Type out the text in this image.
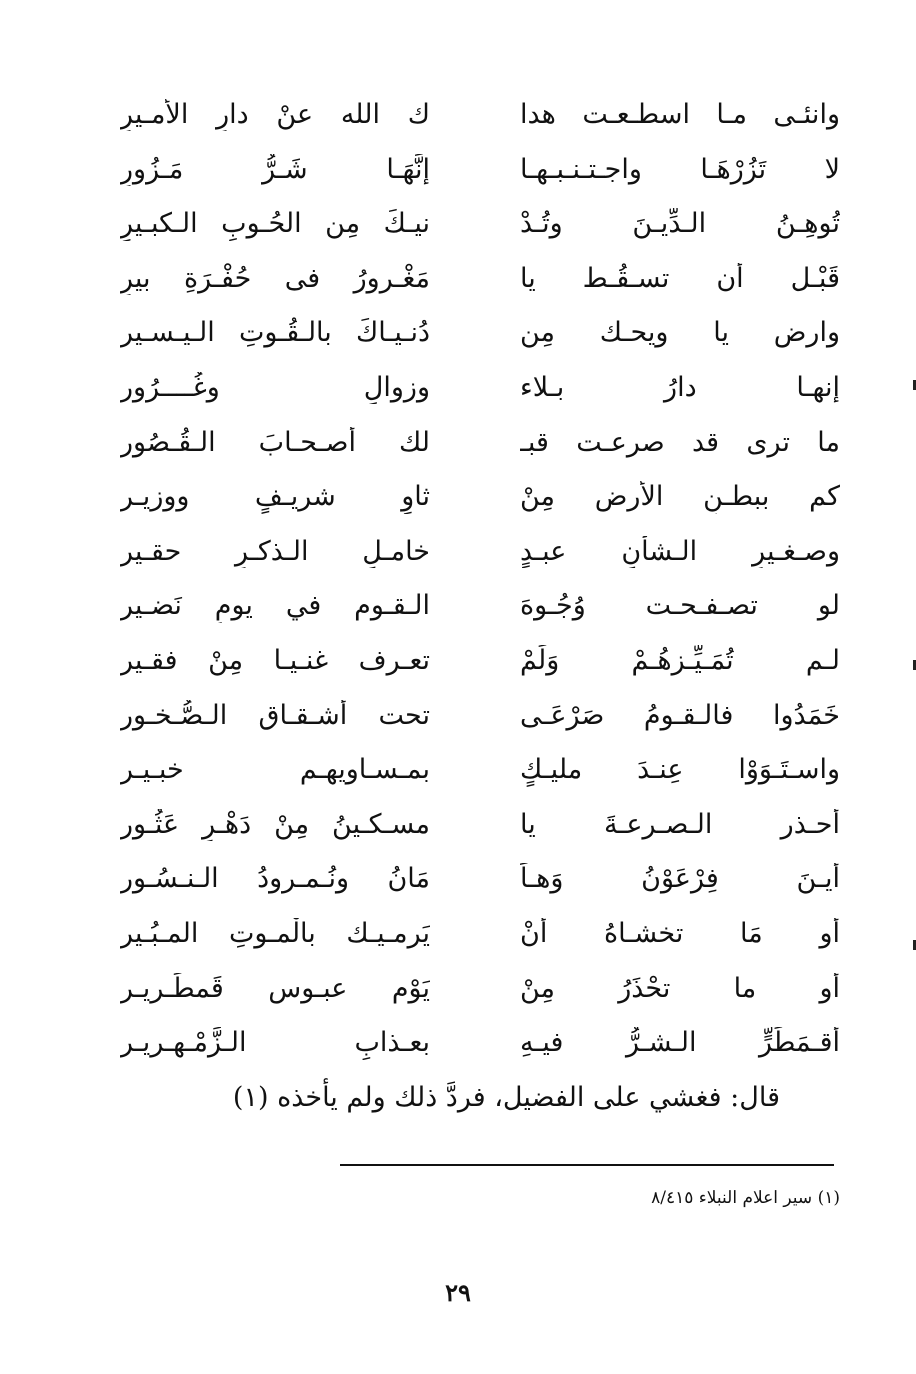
وانئـى مـا اسطـعـت هدا
ك الله عنْ دارِ الأمـيرِ
لا تَزُرْهَـا واجـتـنـبـهـا
إنَّهَـا شَـرُّ مَـزُورِ
تُوهِـنُ الـدِّيـنَ وتُـدْ
نيـكَ مِن الحُـوبِ الـكبـيرِ
قَبْـل أن تسـقُـط يا
مَغْـرورُ فى حُفْـرَةِ بيرِ
وارض يا ويحـك مِن
دُنـيـاكَ بالـقُـوتِ الـيـسـير
إنهـا دارُ بـلاء
وزوالٍ وغُــــرُور
ما ترى قد صرعـت قبـ
لك أصـحـابَ الـقُـصُور
كم ببطـنِ الأرضِ مِنْ
ثاوٍ شريـفٍ ووزيـر
وصـغـيرِ الـشأنِ عبـدٍ
خامـلِ الـذكـرِ حقـير
لو تصـفـحـت وُجُـوهَ
الـقـوم في يومٍ نَضـير
لـم تُمَـيِّـزهُـمْ وَلَمْ
تعـرف غنـيـا مِنْ فقـير
خَمَدُوا فالـقـومُ صَرْعَـى
تحت أشـقـاقِ الـصُّـخـور
واسـتَـوَوْا عِنـدَ مليـكٍ
بمـسـاويهـم خبـيـر
أحـذر الـصـرعـةَ يا
مسـكـينُ مِنْ دَهْـرٍ عَثُـور
أيـنَ فِرْعَوْنُ وَهـاَ
مَانُ ونُـمـرودُ الـنـسُـور
أو مَا تخشـاهُ أنْ
يَرمـيـك بالْمـوتِ المـبُـير
أو ما تحْذَرُ مِنْ
يَوْم عبـوسٍ قَمطَـريـر
أقـمَطَرٍّ الـشـرُّ فيـهِ
بعـذابِ الـزَّمْـهـريـر
قال: فغشي على الفضيل، فردَّ ذلك ولم يأخذه (١)
(١) سير اعلام النبلاء ٨/٤١٥
٢٩
